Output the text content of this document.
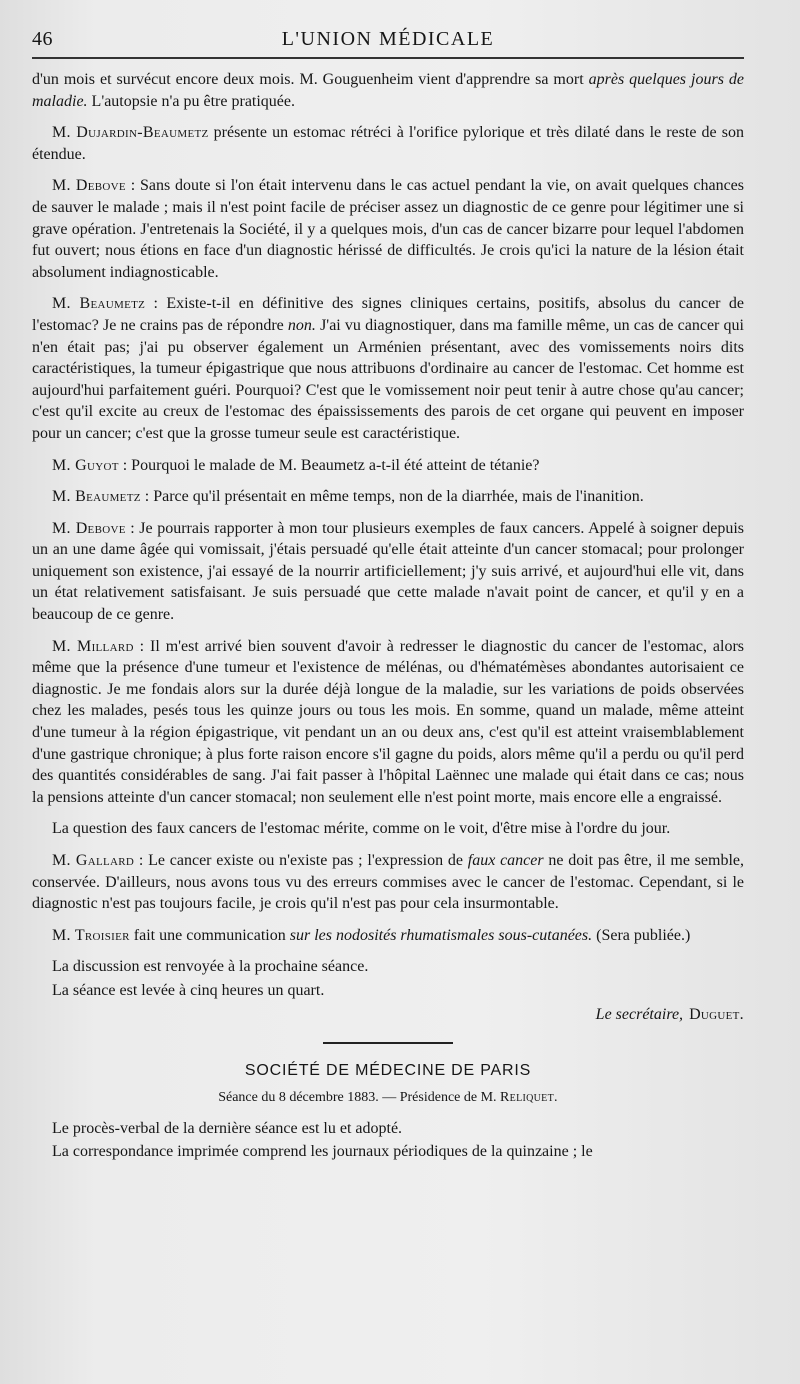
46	L'UNION MÉDICALE

d'un mois et survécut encore deux mois. M. Gouguenheim vient d'apprendre sa mort après quelques jours de maladie. L'autopsie n'a pu être pratiquée.

M. Dujardin-Beaumetz présente un estomac rétréci à l'orifice pylorique et très dilaté dans le reste de son étendue.

M. Debove : Sans doute si l'on était intervenu dans le cas actuel pendant la vie, on avait quelques chances de sauver le malade ; mais il n'est point facile de préciser assez un diagnostic de ce genre pour légitimer une si grave opération. J'entretenais la Société, il y a quelques mois, d'un cas de cancer bizarre pour lequel l'abdomen fut ouvert; nous étions en face d'un diagnostic hérissé de difficultés. Je crois qu'ici la nature de la lésion était absolument indiagnosticable.

M. Beaumetz : Existe-t-il en définitive des signes cliniques certains, positifs, absolus du cancer de l'estomac? Je ne crains pas de répondre non. J'ai vu diagnostiquer, dans ma famille même, un cas de cancer qui n'en était pas; j'ai pu observer également un Arménien présentant, avec des vomissements noirs dits caractéristiques, la tumeur épigastrique que nous attribuons d'ordinaire au cancer de l'estomac. Cet homme est aujourd'hui parfaitement guéri. Pourquoi? C'est que le vomissement noir peut tenir à autre chose qu'au cancer; c'est qu'il excite au creux de l'estomac des épaississements des parois de cet organe qui peuvent en imposer pour un cancer; c'est que la grosse tumeur seule est caractéristique.

M. Guyot : Pourquoi le malade de M. Beaumetz a-t-il été atteint de tétanie?

M. Beaumetz : Parce qu'il présentait en même temps, non de la diarrhée, mais de l'inanition.

M. Debove : Je pourrais rapporter à mon tour plusieurs exemples de faux cancers. Appelé à soigner depuis un an une dame âgée qui vomissait, j'étais persuadé qu'elle était atteinte d'un cancer stomacal; pour prolonger uniquement son existence, j'ai essayé de la nourrir artificiellement; j'y suis arrivé, et aujourd'hui elle vit, dans un état relativement satisfaisant. Je suis persuadé que cette malade n'avait point de cancer, et qu'il y en a beaucoup de ce genre.

M. Millard : Il m'est arrivé bien souvent d'avoir à redresser le diagnostic du cancer de l'estomac, alors même que la présence d'une tumeur et l'existence de mélénas, ou d'hématémèses abondantes autorisaient ce diagnostic. Je me fondais alors sur la durée déjà longue de la maladie, sur les variations de poids observées chez les malades, pesés tous les quinze jours ou tous les mois. En somme, quand un malade, même atteint d'une tumeur à la région épigastrique, vit pendant un an ou deux ans, c'est qu'il est atteint vraisemblablement d'une gastrique chronique; à plus forte raison encore s'il gagne du poids, alors même qu'il a perdu ou qu'il perd des quantités considérables de sang. J'ai fait passer à l'hôpital Laënnec une malade qui était dans ce cas; nous la pensions atteinte d'un cancer stomacal; non seulement elle n'est point morte, mais encore elle a engraissé.

La question des faux cancers de l'estomac mérite, comme on le voit, d'être mise à l'ordre du jour.

M. Gallard : Le cancer existe ou n'existe pas ; l'expression de faux cancer ne doit pas être, il me semble, conservée. D'ailleurs, nous avons tous vu des erreurs commises avec le cancer de l'estomac. Cependant, si le diagnostic n'est pas toujours facile, je crois qu'il n'est pas pour cela insurmontable.

M. Troisier fait une communication sur les nodosités rhumatismales sous-cutanées. (Sera publiée.)

La discussion est renvoyée à la prochaine séance.

La séance est levée à cinq heures un quart.

Le secrétaire, Duguet.
SOCIÉTÉ DE MÉDECINE DE PARIS
Séance du 8 décembre 1883. — Présidence de M. Reliquet.

Le procès-verbal de la dernière séance est lu et adopté.

La correspondance imprimée comprend les journaux périodiques de la quinzaine ; le
